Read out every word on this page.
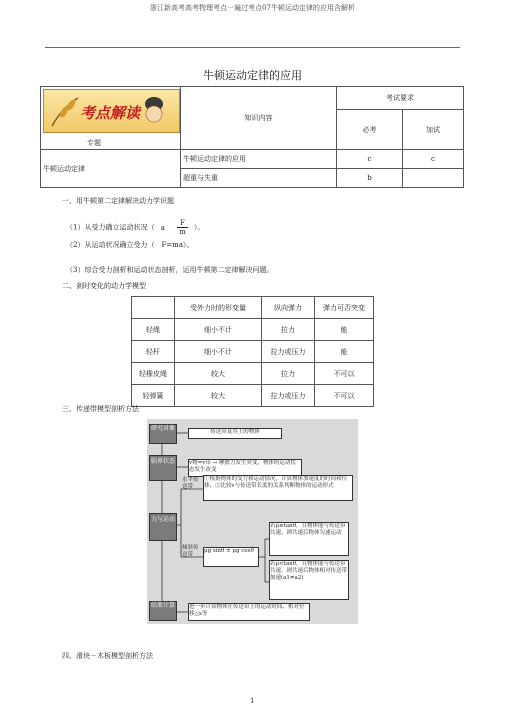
浙江新高考高考物理考点一遍过考点07牛顿运动定律的应用含解析
牛顿运动定律的应用
考点解读
专题	知识内容	考试要求	
		必考	加试
牛顿运动定律	牛顿运动定律的应用	c	c
	超重与失重	b	
一、用牛顿第二定律解决动力学识题
（1）从受力确立运动状况（ a $\frac{F}{m}$ ）。
（2）从运动状况确立受力（　F=ma）。
（3）综合受力剖析和运动状态剖析，运用牛顿第二定律解决问题。
二、刹时变化的动力学模型
	受外力时的形变量	纵向弹力	弹力可否突变
轻绳	细小不计	拉力	能
轻杆	细小不计	拉力或压力	能
轻橡皮绳	较大	拉力	不可以
轻弹簧	较大	拉力或压力	不可以
三、传递带模型剖析方法
研究对象	传送带及其上的物体
临界状态	v物=v带 → 摩擦力发生突变，物体的运动状态发生改变
力与运动
水平传送带
①根据物体的受力和运动情况，计算物体加速度的时间和位移；②比较v与传送带长度的关系判断物体的运动形式
倾斜传送带
μg sinθ ± μg cosθ
若μ≥tanθ，且物体能与传送带共速，则共速后物体匀速运动
若μ<tanθ，且物体能与传送带共速，则共速后物体相对传送带加速(a1≠a2)
结果计算	进一步计算物体在传送带上的运动时间、相对位移△x等
四、滑块－木板模型剖析方法
1
